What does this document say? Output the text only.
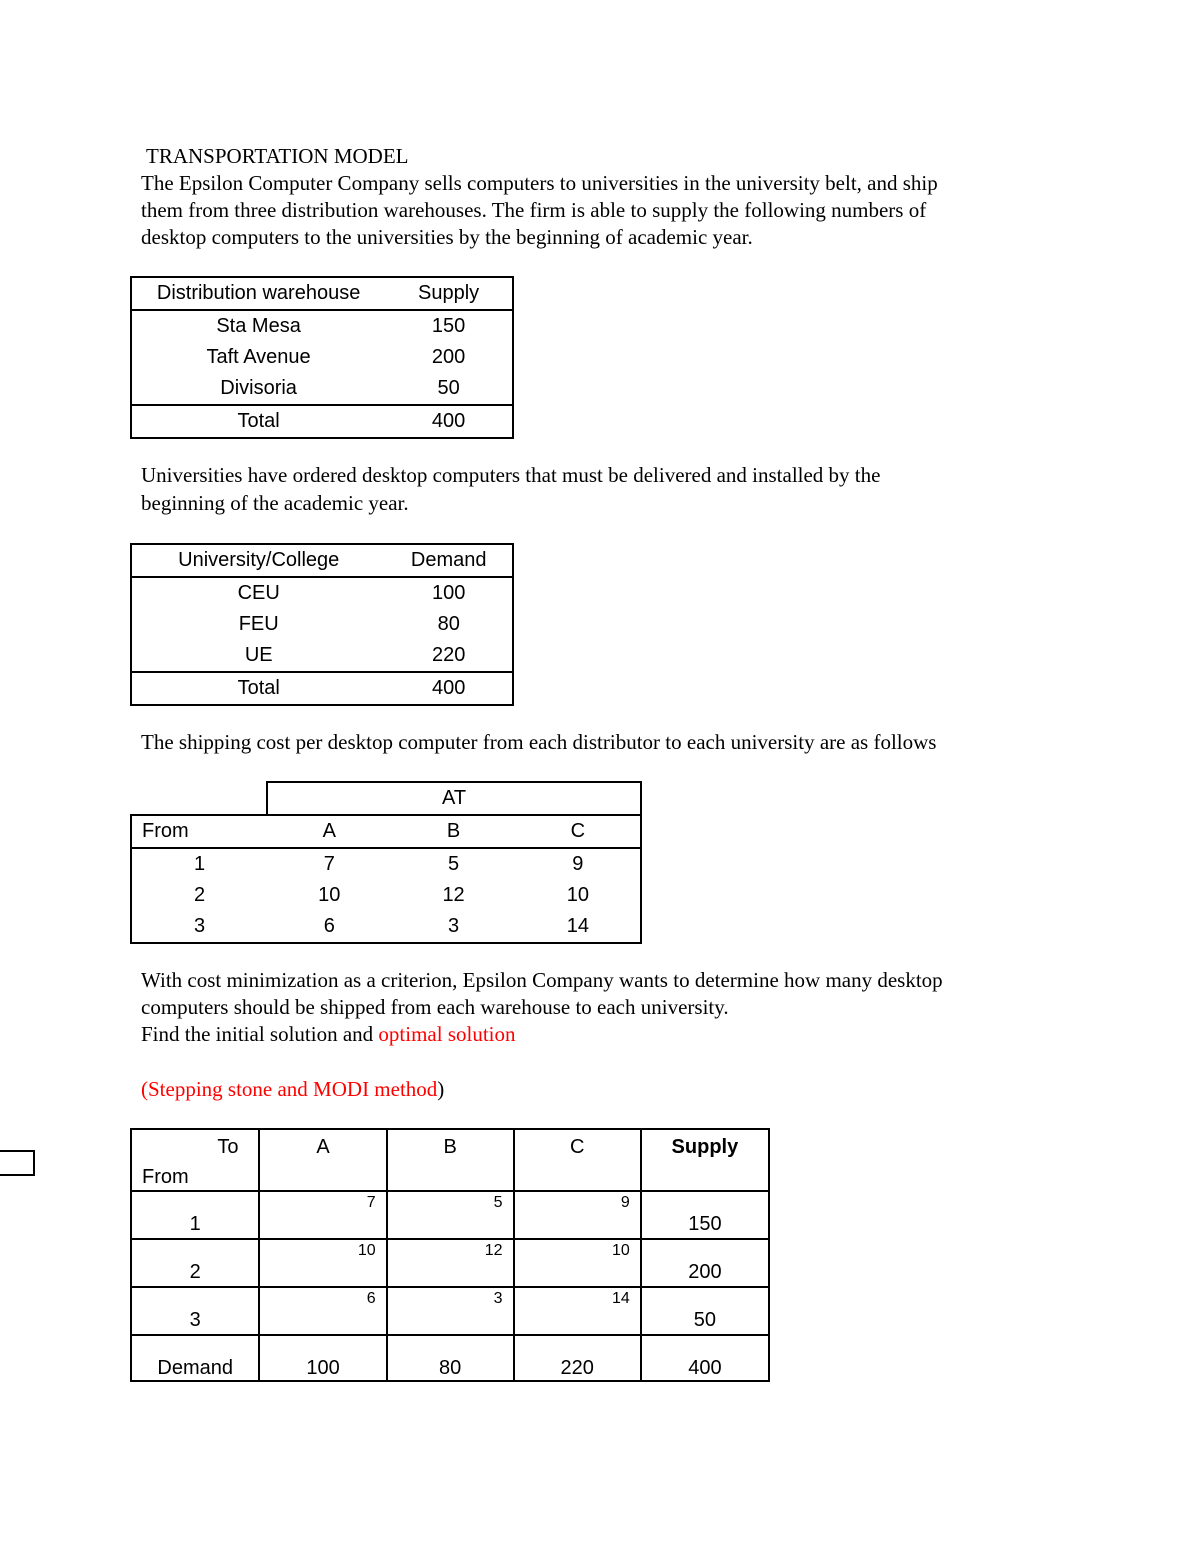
TRANSPORTATION MODEL

The Epsilon Computer Company sells computers to universities in the university belt, and ship

them from three distribution warehouses. The firm is able to supply the following numbers of

desktop computers to the universities by the beginning of academic year.

Distribution warehouse	Supply
Sta Mesa	150
Taft Avenue	200
Divisoria	50
Total	400

Universities have ordered desktop computers that must be delivered and installed by the

beginning of the academic year.

University/College	Demand
CEU	100
FEU	80
UE	220
Total	400

The shipping cost per desktop computer from each distributor to each university are as follows

	AT		
From	A	B	C
1	7	5	9
2	10	12	10
3	6	3	14

With cost minimization as a criterion, Epsilon Company wants to determine how many desktop

computers should be shipped from each warehouse to each university.

Find the initial solution and optimal solution

(Stepping stone and MODI method)

To
From	A	B	C	Supply

1	7	5	9	150

2	10	12	10	200

3	6	3	14	50

Demand	100	80	220	400
